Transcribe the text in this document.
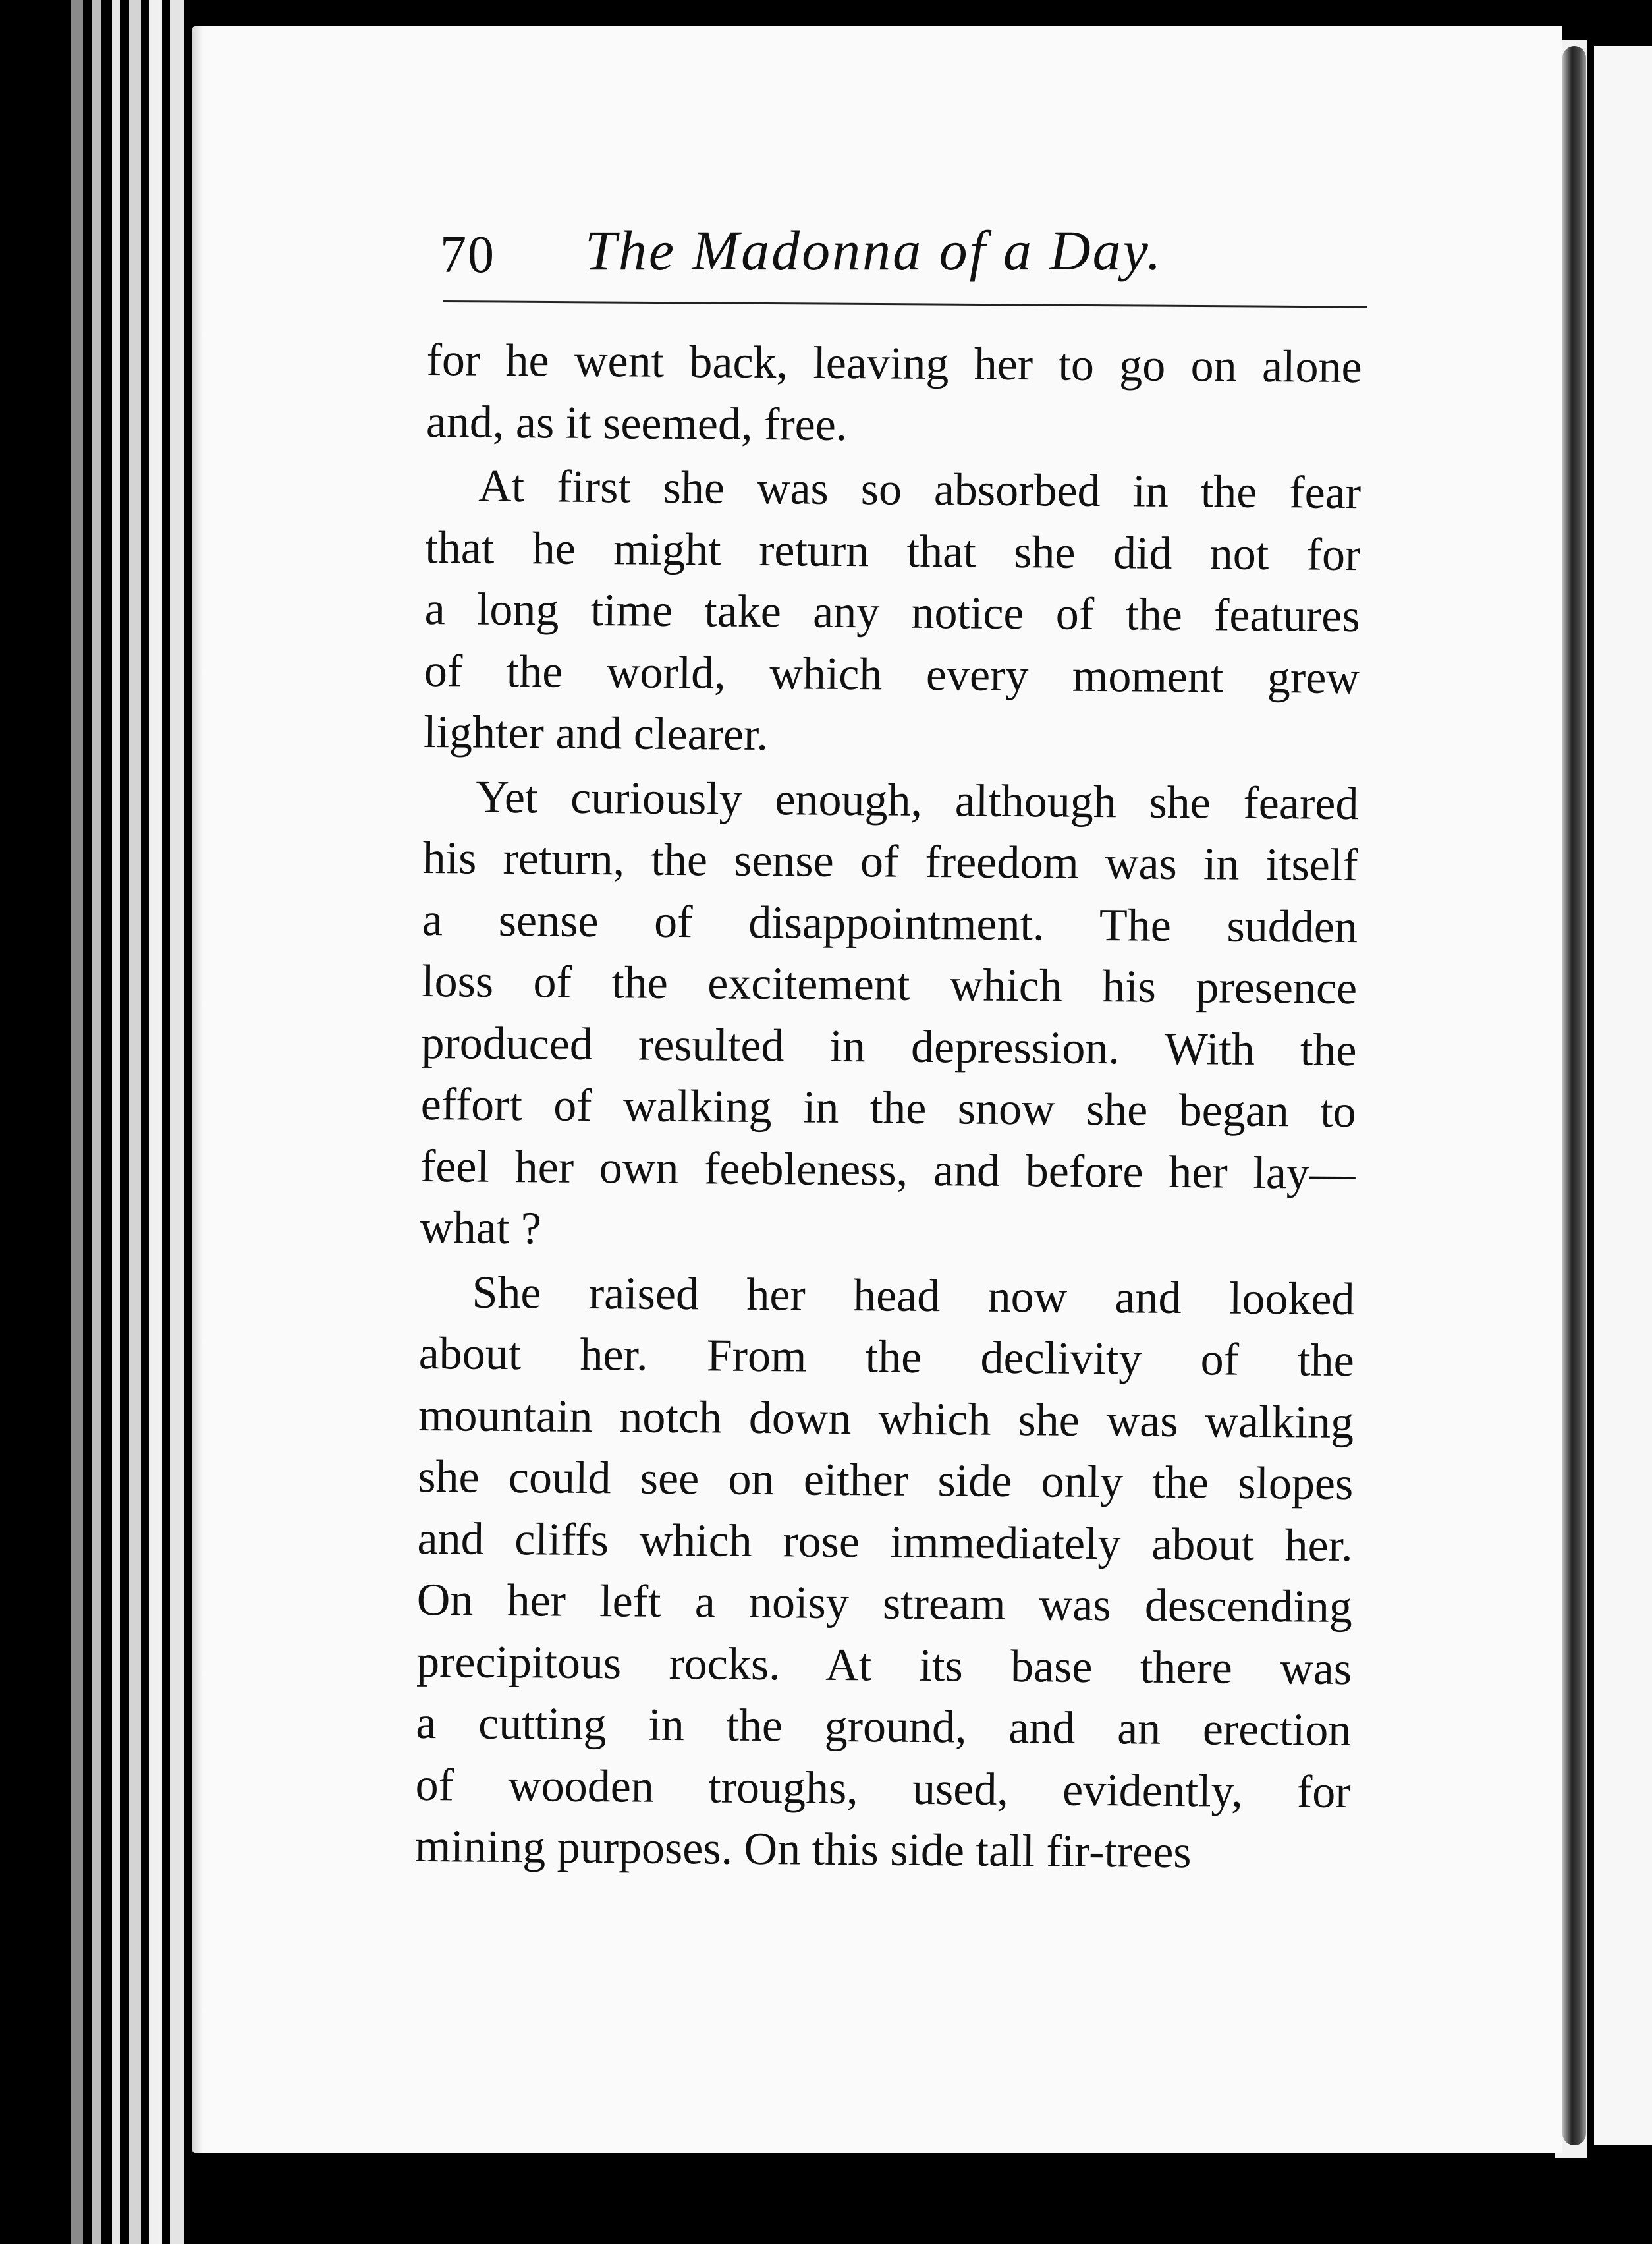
70 The Madonna of a Day.
for he went back, leaving her to go on alone
and, as it seemed, free.
At first she was so absorbed in the fear
that he might return that she did not for
a long time take any notice of the features
of the world, which every moment grew
lighter and clearer.
Yet curiously enough, although she feared
his return, the sense of freedom was in itself
a sense of disappointment. The sudden
loss of the excitement which his presence
produced resulted in depression. With the
effort of walking in the snow she began to
feel her own feebleness, and before her lay—
what ?
She raised her head now and looked
about her. From the declivity of the
mountain notch down which she was walking
she could see on either side only the slopes
and cliffs which rose immediately about her.
On her left a noisy stream was descending
precipitous rocks. At its base there was
a cutting in the ground, and an erection
of wooden troughs, used, evidently, for
mining purposes. On this side tall fir-trees
